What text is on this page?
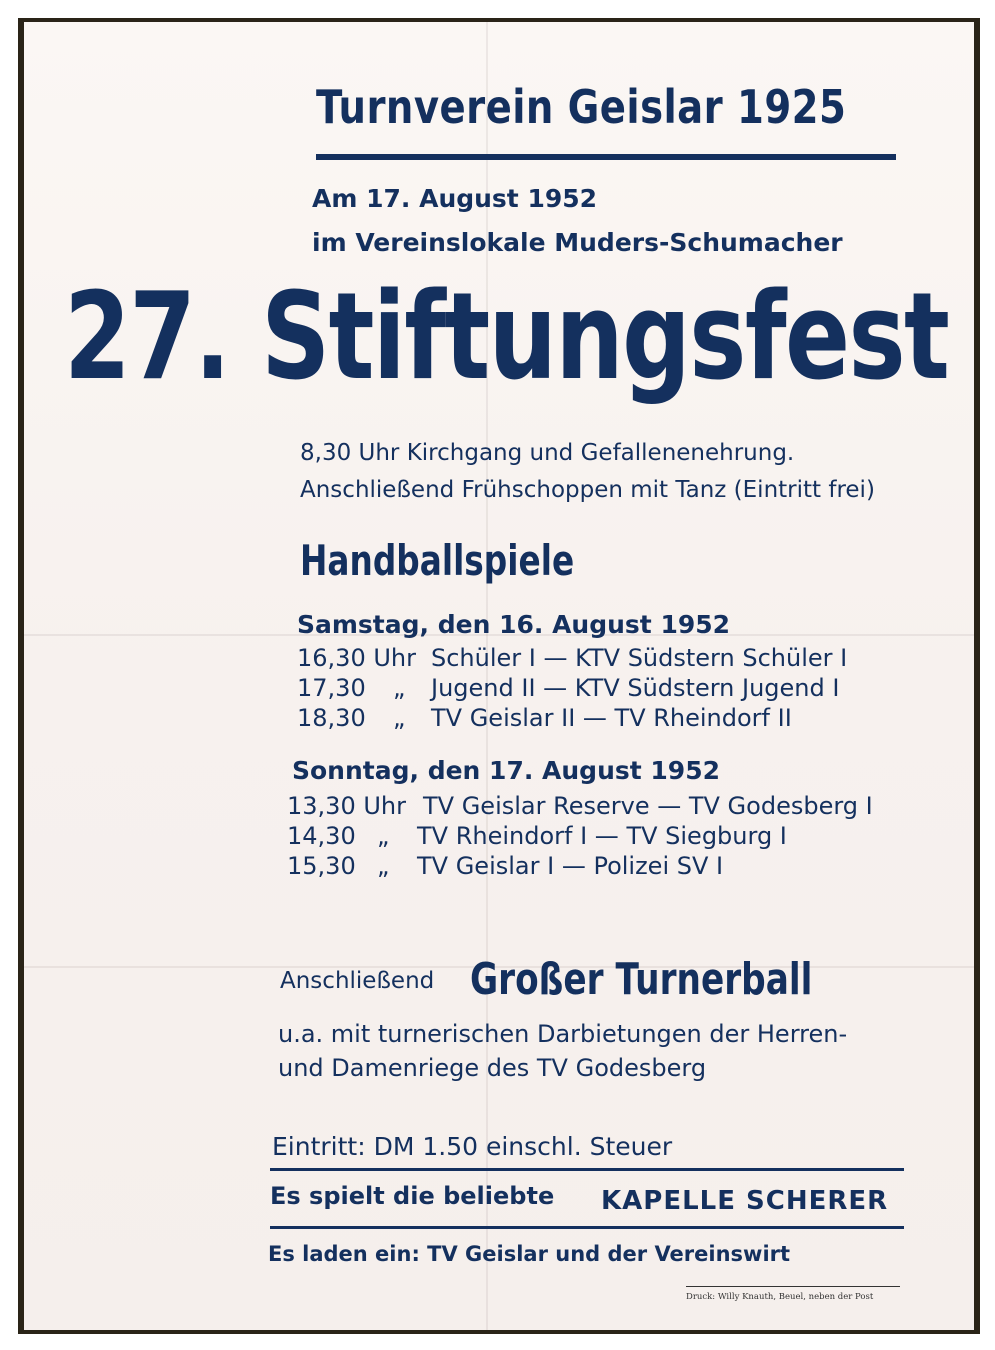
Turnverein Geislar 1925
Am 17. August 1952
im Vereinslokale Muders-Schumacher
27. Stiftungsfest
8,30 Uhr Kirchgang und Gefallenenehrung.
Anschließend Frühschoppen mit Tanz (Eintritt frei)
Handballspiele
Samstag, den 16. August 1952
16,30 Uhr Schüler I — KTV Südstern Schüler I
17,30 „ Jugend II — KTV Südstern Jugend I
18,30 „ TV Geislar II — TV Rheindorf II
Sonntag, den 17. August 1952
13,30 Uhr TV Geislar Reserve — TV Godesberg I
14,30 „ TV Rheindorf I — TV Siegburg I
15,30 „ TV Geislar I — Polizei SV I
Anschließend Großer Turnerball
u.a. mit turnerischen Darbietungen der Herren-
und Damenriege des TV Godesberg
Eintritt: DM 1.50 einschl. Steuer
Es spielt die beliebte KAPELLE SCHERER
Es laden ein: TV Geislar und der Vereinswirt
Druck: Willy Knauth, Beuel, neben der Post
